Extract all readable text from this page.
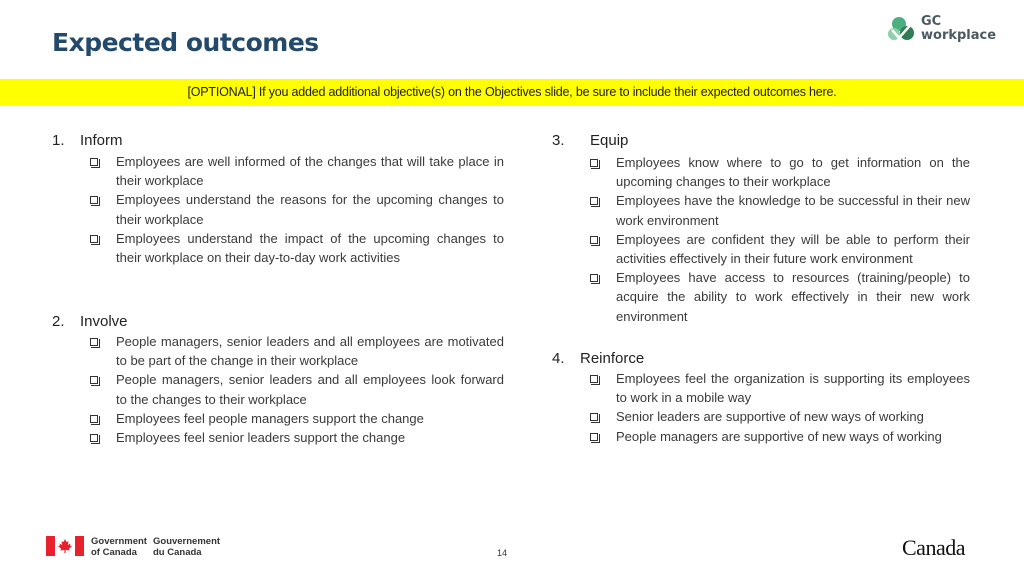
Expected outcomes
GC
workplace
[OPTIONAL] If you added additional objective(s) on the Objectives slide, be sure to include their expected outcomes here.
1. Inform
Employees are well informed of the changes that will take place in their workplace
Employees understand the reasons for the upcoming changes to their workplace
Employees understand the impact of the upcoming changes to their workplace on their day-to-day work activities
2. Involve
People managers, senior leaders and all employees are motivated to be part of the change in their workplace
People managers, senior leaders and all employees look forward to the changes to their workplace
Employees feel people managers support the change
Employees feel senior leaders support the change
3. Equip
Employees know where to go to get information on the upcoming changes to their workplace
Employees have the knowledge to be successful in their new work environment
Employees are confident they will be able to perform their activities effectively in their future work environment
Employees have access to resources (training/people) to acquire the ability to work effectively in their new work environment
4. Reinforce
Employees feel the organization is supporting its employees to work in a mobile way
Senior leaders are supportive of new ways of working
People managers are supportive of new ways of working
Government
of Canada
Gouvernement
du Canada	14	Canada
